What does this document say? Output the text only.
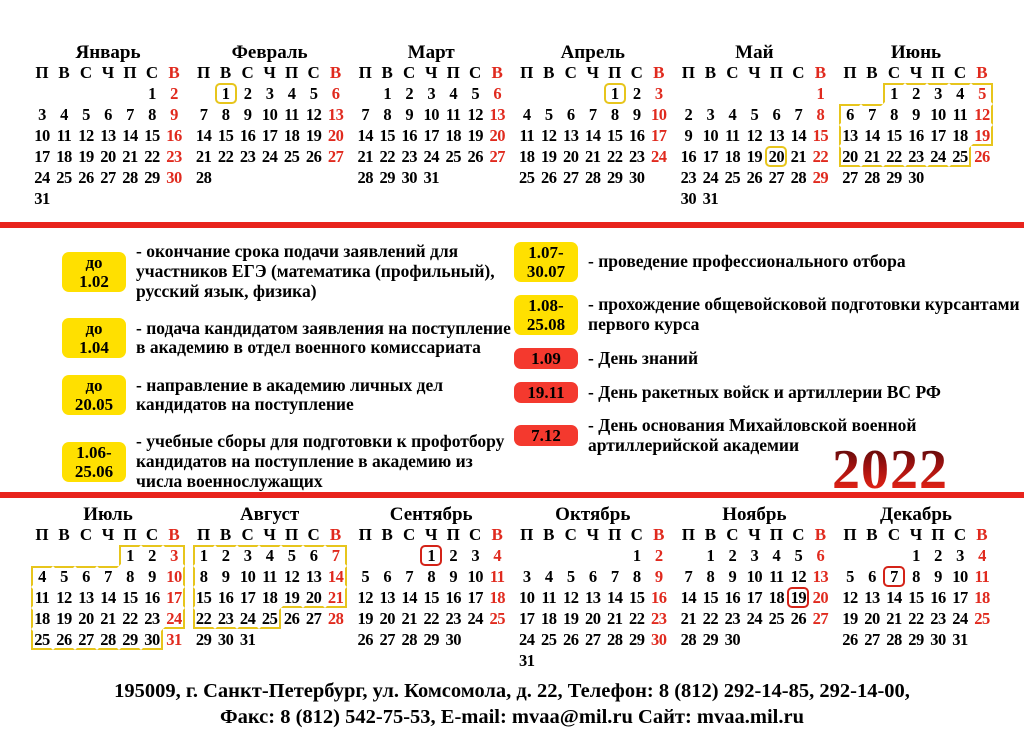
Январь
П В С Ч П С В
1 2
3 4 5 6 7 8 9
10 11 12 13 14 15 16
17 18 19 20 21 22 23
24 25 26 27 28 29 30
31
Февраль
П В С Ч П С В
1 2 3 4 5 6
7 8 9 10 11 12 13
14 15 16 17 18 19 20
21 22 23 24 25 26 27
28
Март
П В С Ч П С В
1 2 3 4 5 6
7 8 9 10 11 12 13
14 15 16 17 18 19 20
21 22 23 24 25 26 27
28 29 30 31
Апрель
П В С Ч П С В
1 2 3
4 5 6 7 8 9 10
11 12 13 14 15 16 17
18 19 20 21 22 23 24
25 26 27 28 29 30
Май
П В С Ч П С В
1
2 3 4 5 6 7 8
9 10 11 12 13 14 15
16 17 18 19 20 21 22
23 24 25 26 27 28 29
30 31
Июнь
П В С Ч П С В
1 2 3 4 5
6 7 8 9 10 11 12
13 14 15 16 17 18 19
20 21 22 23 24 25 26
27 28 29 30
до
1.02
- окончание срока подачи заявлений для участников ЕГЭ (математика (профильный), русский язык, физика)
до
1.04
- подача кандидатом заявления на поступление в академию в отдел военного комиссариата
до
20.05
- направление в академию личных дел кандидатов на поступление
1.06-
25.06
- учебные сборы для подготовки к профотбору кандидатов на поступление в академию из числа военнослужащих
1.07-
30.07
- проведение профессионального отбора
1.08-
25.08
- прохождение общевойсковой подготовки курсантами первого курса
1.09	- День знаний
19.11	- День ракетных войск и артиллерии ВС РФ
7.12
- День основания Михайловской военной артиллерийской академии 2022
Июль
П В С Ч П С В
1 2 3
4 5 6 7 8 9 10
11 12 13 14 15 16 17
18 19 20 21 22 23 24
25 26 27 28 29 30 31
Август
П В С Ч П С В
1 2 3 4 5 6 7
8 9 10 11 12 13 14
15 16 17 18 19 20 21
22 23 24 25 26 27 28
29 30 31
Сентябрь
П В С Ч П С В
1 2 3 4
5 6 7 8 9 10 11
12 13 14 15 16 17 18
19 20 21 22 23 24 25
26 27 28 29 30
Октябрь
П В С Ч П С В
1 2
3 4 5 6 7 8 9
10 11 12 13 14 15 16
17 18 19 20 21 22 23
24 25 26 27 28 29 30
31
Ноябрь
П В С Ч П С В
1 2 3 4 5 6
7 8 9 10 11 12 13
14 15 16 17 18 19 20
21 22 23 24 25 26 27
28 29 30
Декабрь
П В С Ч П С В
1 2 3 4
5 6 7 8 9 10 11
12 13 14 15 16 17 18
19 20 21 22 23 24 25
26 27 28 29 30 31
195009, г. Санкт-Петербург, ул. Комсомола, д. 22, Телефон: 8 (812) 292-14-85, 292-14-00,
Факс: 8 (812) 542-75-53, E-mail: mvaa@mil.ru Сайт: mvaa.mil.ru
